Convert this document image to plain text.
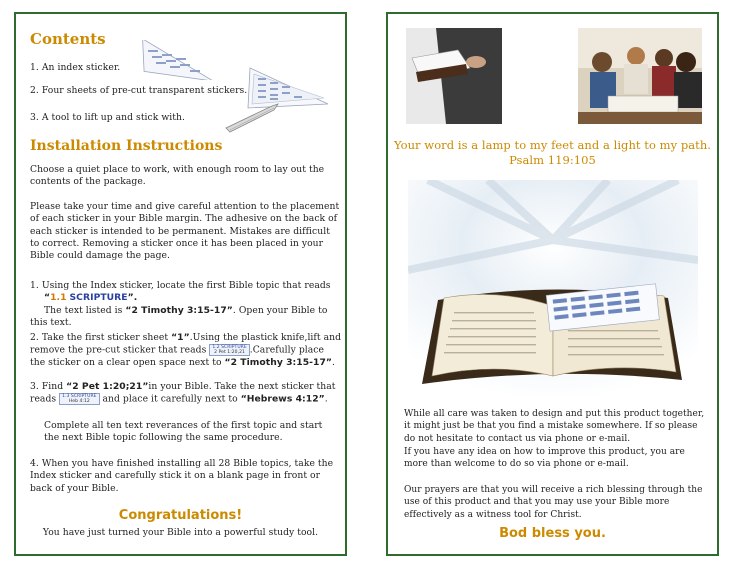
Contents
1. An index sticker.
2. Four sheets of pre-cut transparent stickers.
3. A tool to lift up and stick with.
Installation Instructions
Choose a quiet place to work, with enough room to lay out the contents of the package.
Please take your time and give careful attention to the placement of each sticker in your Bible margin. The adhesive on the back of each sticker is intended to be permanent. Mistakes are difficult to correct. Removing a sticker once it has been placed in your Bible could damage the page.
1. Using the Index sticker, locate the first Bible topic that reads
“1.1 SCRIPTURE”.
The text listed is “2 Timothy 3:15-17”. Open your Bible to this text.
2. Take the first sticker sheet “1”.Using the plastick knife,lift and remove the pre-cut sticker that reads 1.2 SCRIPTURE
2 Pet 1:20,21 .Carefully place the sticker on a clear open space next to “2 Timothy 3:15-17”.
3. Find “2 Pet 1:20;21”in your Bible. Take the next sticker that reads 1.3 SCRIPTURE
Heb 4:12	and place it carefully next to “Hebrews 4:12”.
Complete all ten text reverances of the first topic and start the next Bible topic following the same procedure.
4. When you have finished installing all 28 Bible topics, take the Index sticker and carefully stick it on a blank page in front or back of your Bible.
Congratulations!
You have just turned your Bible into a powerful study tool.
Your word is a lamp to my feet and a light to my path.
Psalm 119:105
While all care was taken to design and put this product together, it might just be that you find a mistake somewhere. If so please do not hesitate to contact us via phone or e-mail.
If you have any idea on how to improve this product, you are more than welcome to do so via phone or e-mail.
Our prayers are that you will receive a rich blessing through the use of this product and that you may use your Bible more effectively as a witness tool for Christ.
Bod bless you.
